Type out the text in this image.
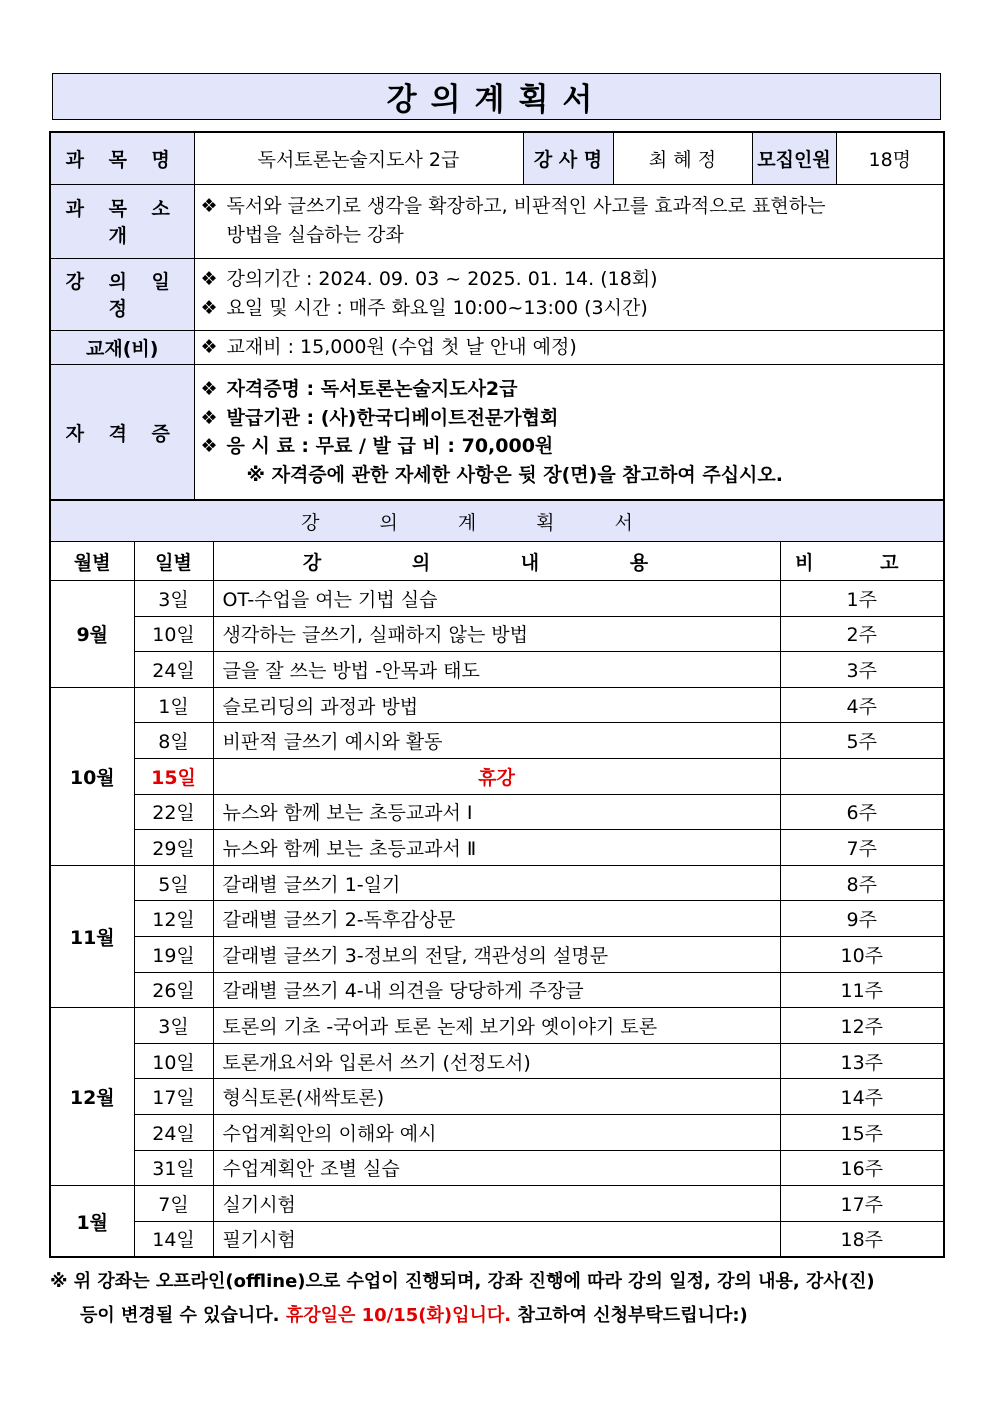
강의계획서
과 목 명	독서토론논술지도사 2급	강 사 명	최 혜 정	모집인원	18명
과 목 소 개	❖ 독서와 글쓰기로 생각을 확장하고, 비판적인 사고를 효과적으로 표현하는
방법을 실습하는 강좌				

강 의 일 정	❖ 강의기간 : 2024. 09. 03 ~ 2025. 01. 14. (18회)
❖ 요일 및 시간 : 매주 화요일 10:00~13:00 (3시간)				

교재(비)	❖ 교재비 : 15,000원 (수업 첫 날 안내 예정)				

자 격 증	❖ 자격증명 : 독서토론논술지도사2급
❖ 발급기관 : (사)한국디베이트전문가협회
❖ 응 시 료 : 무료 / 발 급 비 : 70,000원
※ 자격증에 관한 자세한 사항은 뒷 장(면)을 참고하여 주십시오.				
강의계획서			
월별	일별	강 의 내 용	비 고
9월	3일	OT-수업을 여는 기법 실습	1주
	10일	생각하는 글쓰기, 실패하지 않는 방법	2주
	24일	글을 잘 쓰는 방법 -안목과 태도	3주
10월	1일	슬로리딩의 과정과 방법	4주
	8일	비판적 글쓰기 예시와 활동	5주
	15일	휴강	
	22일	뉴스와 함께 보는 초등교과서 Ⅰ	6주
	29일	뉴스와 함께 보는 초등교과서 Ⅱ	7주
11월	5일	갈래별 글쓰기 1-일기	8주
	12일	갈래별 글쓰기 2-독후감상문	9주
	19일	갈래별 글쓰기 3-정보의 전달, 객관성의 설명문	10주
	26일	갈래별 글쓰기 4-내 의견을 당당하게 주장글	11주
12월	3일	토론의 기초 -국어과 토론 논제 보기와 옛이야기 토론	12주
	10일	토론개요서와 입론서 쓰기 (선정도서)	13주
	17일	형식토론(새싹토론)	14주
	24일	수업계획안의 이해와 예시	15주
	31일	수업계획안 조별 실습	16주
1월	7일	실기시험	17주
	14일	필기시험	18주
※ 위 강좌는 오프라인(offline)으로 수업이 진행되며, 강좌 진행에 따라 강의 일정, 강의 내용, 강사(진)
등이 변경될 수 있습니다. 휴강일은 10/15(화)입니다. 참고하여 신청부탁드립니다:)
